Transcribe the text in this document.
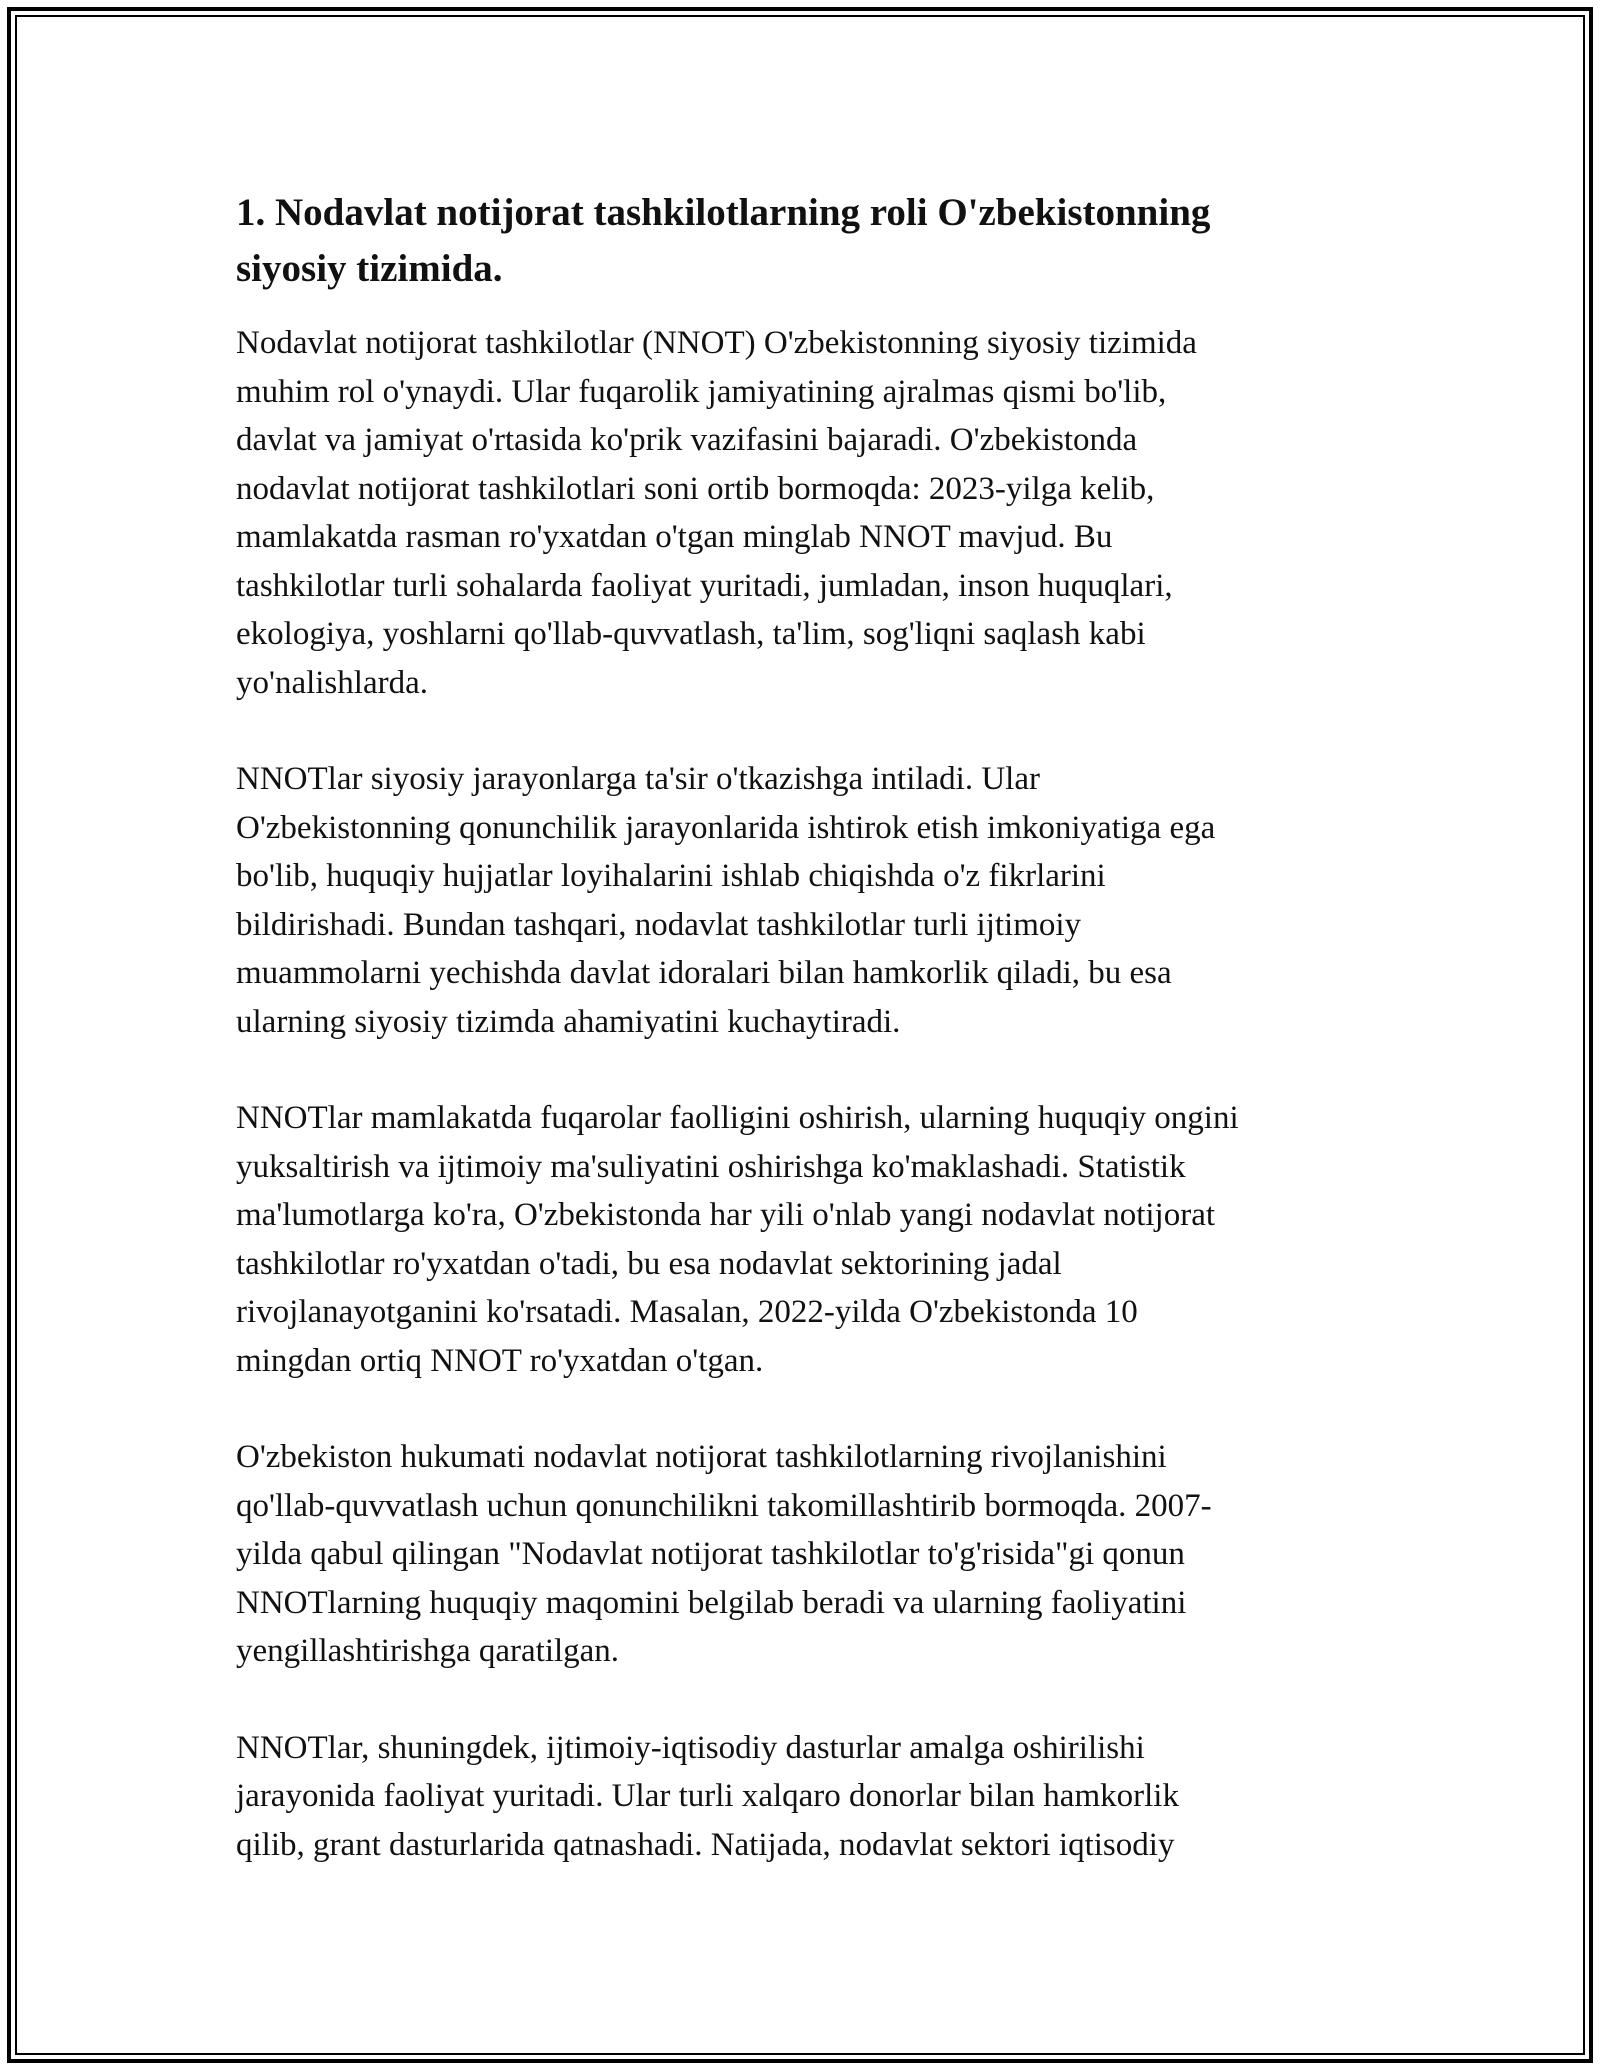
1. Nodavlat notijorat tashkilotlarning roli O'zbekistonning
siyosiy tizimida.

Nodavlat notijorat tashkilotlar (NNOT) O'zbekistonning siyosiy tizimida
muhim rol o'ynaydi. Ular fuqarolik jamiyatining ajralmas qismi bo'lib,
davlat va jamiyat o'rtasida ko'prik vazifasini bajaradi. O'zbekistonda
nodavlat notijorat tashkilotlari soni ortib bormoqda: 2023-yilga kelib,
mamlakatda rasman ro'yxatdan o'tgan minglab NNOT mavjud. Bu
tashkilotlar turli sohalarda faoliyat yuritadi, jumladan, inson huquqlari,
ekologiya, yoshlarni qo'llab-quvvatlash, ta'lim, sog'liqni saqlash kabi
yo'nalishlarda.

NNOTlar siyosiy jarayonlarga ta'sir o'tkazishga intiladi. Ular
O'zbekistonning qonunchilik jarayonlarida ishtirok etish imkoniyatiga ega
bo'lib, huquqiy hujjatlar loyihalarini ishlab chiqishda o'z fikrlarini
bildirishadi. Bundan tashqari, nodavlat tashkilotlar turli ijtimoiy
muammolarni yechishda davlat idoralari bilan hamkorlik qiladi, bu esa
ularning siyosiy tizimda ahamiyatini kuchaytiradi.

NNOTlar mamlakatda fuqarolar faolligini oshirish, ularning huquqiy ongini
yuksaltirish va ijtimoiy ma'suliyatini oshirishga ko'maklashadi. Statistik
ma'lumotlarga ko'ra, O'zbekistonda har yili o'nlab yangi nodavlat notijorat
tashkilotlar ro'yxatdan o'tadi, bu esa nodavlat sektorining jadal
rivojlanayotganini ko'rsatadi. Masalan, 2022-yilda O'zbekistonda 10
mingdan ortiq NNOT ro'yxatdan o'tgan.

O'zbekiston hukumati nodavlat notijorat tashkilotlarning rivojlanishini
qo'llab-quvvatlash uchun qonunchilikni takomillashtirib bormoqda. 2007-
yilda qabul qilingan "Nodavlat notijorat tashkilotlar to'g'risida"gi qonun
NNOTlarning huquqiy maqomini belgilab beradi va ularning faoliyatini
yengillashtirishga qaratilgan.

NNOTlar, shuningdek, ijtimoiy-iqtisodiy dasturlar amalga oshirilishi
jarayonida faoliyat yuritadi. Ular turli xalqaro donorlar bilan hamkorlik
qilib, grant dasturlarida qatnashadi. Natijada, nodavlat sektori iqtisodiy
